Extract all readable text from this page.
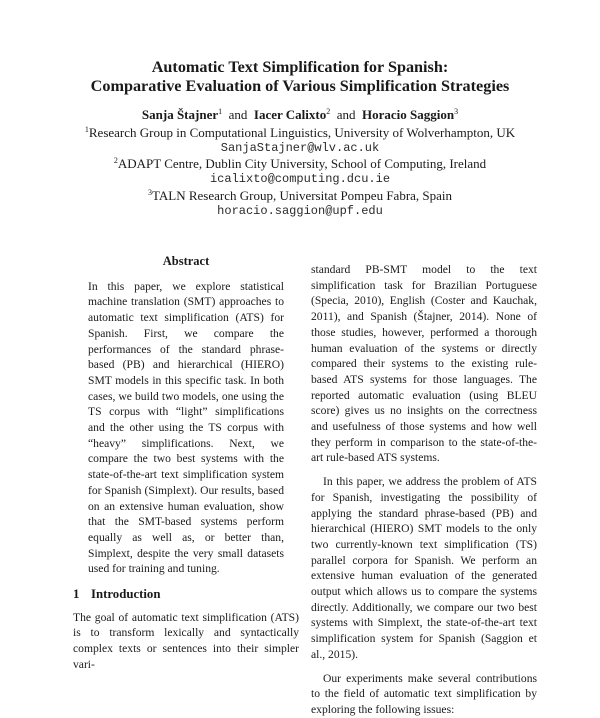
Automatic Text Simplification for Spanish:
Comparative Evaluation of Various Simplification Strategies
Sanja Štajner$^1$ and Iacer Calixto$^2$ and Horacio Saggion$^3$
$^1$Research Group in Computational Linguistics, University of Wolverhampton, UK
SanjaStajner@wlv.ac.uk
$^2$ADAPT Centre, Dublin City University, School of Computing, Ireland
icalixto@computing.dcu.ie
$^3$TALN Research Group, Universitat Pompeu Fabra, Spain
horacio.saggion@upf.edu
Abstract

In this paper, we explore statistical machine translation (SMT) approaches to automatic text simplification (ATS) for Spanish. First, we compare the performances of the standard phrase-based (PB) and hierarchical (HIERO) SMT models in this specific task. In both cases, we build two models, one using the TS corpus with “light” simplifications and the other using the TS corpus with “heavy” simplifications. Next, we compare the two best systems with the state-of-the-art text simplification system for Spanish (Simplext). Our results, based on an extensive human evaluation, show that the SMT-based systems perform equally as well as, or better than, Simplext, despite the very small datasets used for training and tuning.

1 Introduction

The goal of automatic text simplification (ATS) is to transform lexically and syntactically complex texts or sentences into their simpler vari-

standard PB-SMT model to the text simplification task for Brazilian Portuguese (Specia, 2010), English (Coster and Kauchak, 2011), and Spanish (Štajner, 2014). None of those studies, however, performed a thorough human evaluation of the systems or directly compared their systems to the existing rule-based ATS systems for those languages. The reported automatic evaluation (using BLEU score) gives us no insights on the correctness and usefulness of those systems and how well they perform in comparison to the state-of-the-art rule-based ATS systems.

In this paper, we address the problem of ATS for Spanish, investigating the possibility of applying the standard phrase-based (PB) and hierarchical (HIERO) SMT models to the only two currently-known text simplification (TS) parallel corpora for Spanish. We perform an extensive human evaluation of the generated output which allows us to compare the systems directly. Additionally, we compare our two best systems with Simplext, the state-of-the-art text simplification system for Spanish (Saggion et al., 2015).

Our experiments make several contributions to the field of automatic text simplification by exploring the following issues:
